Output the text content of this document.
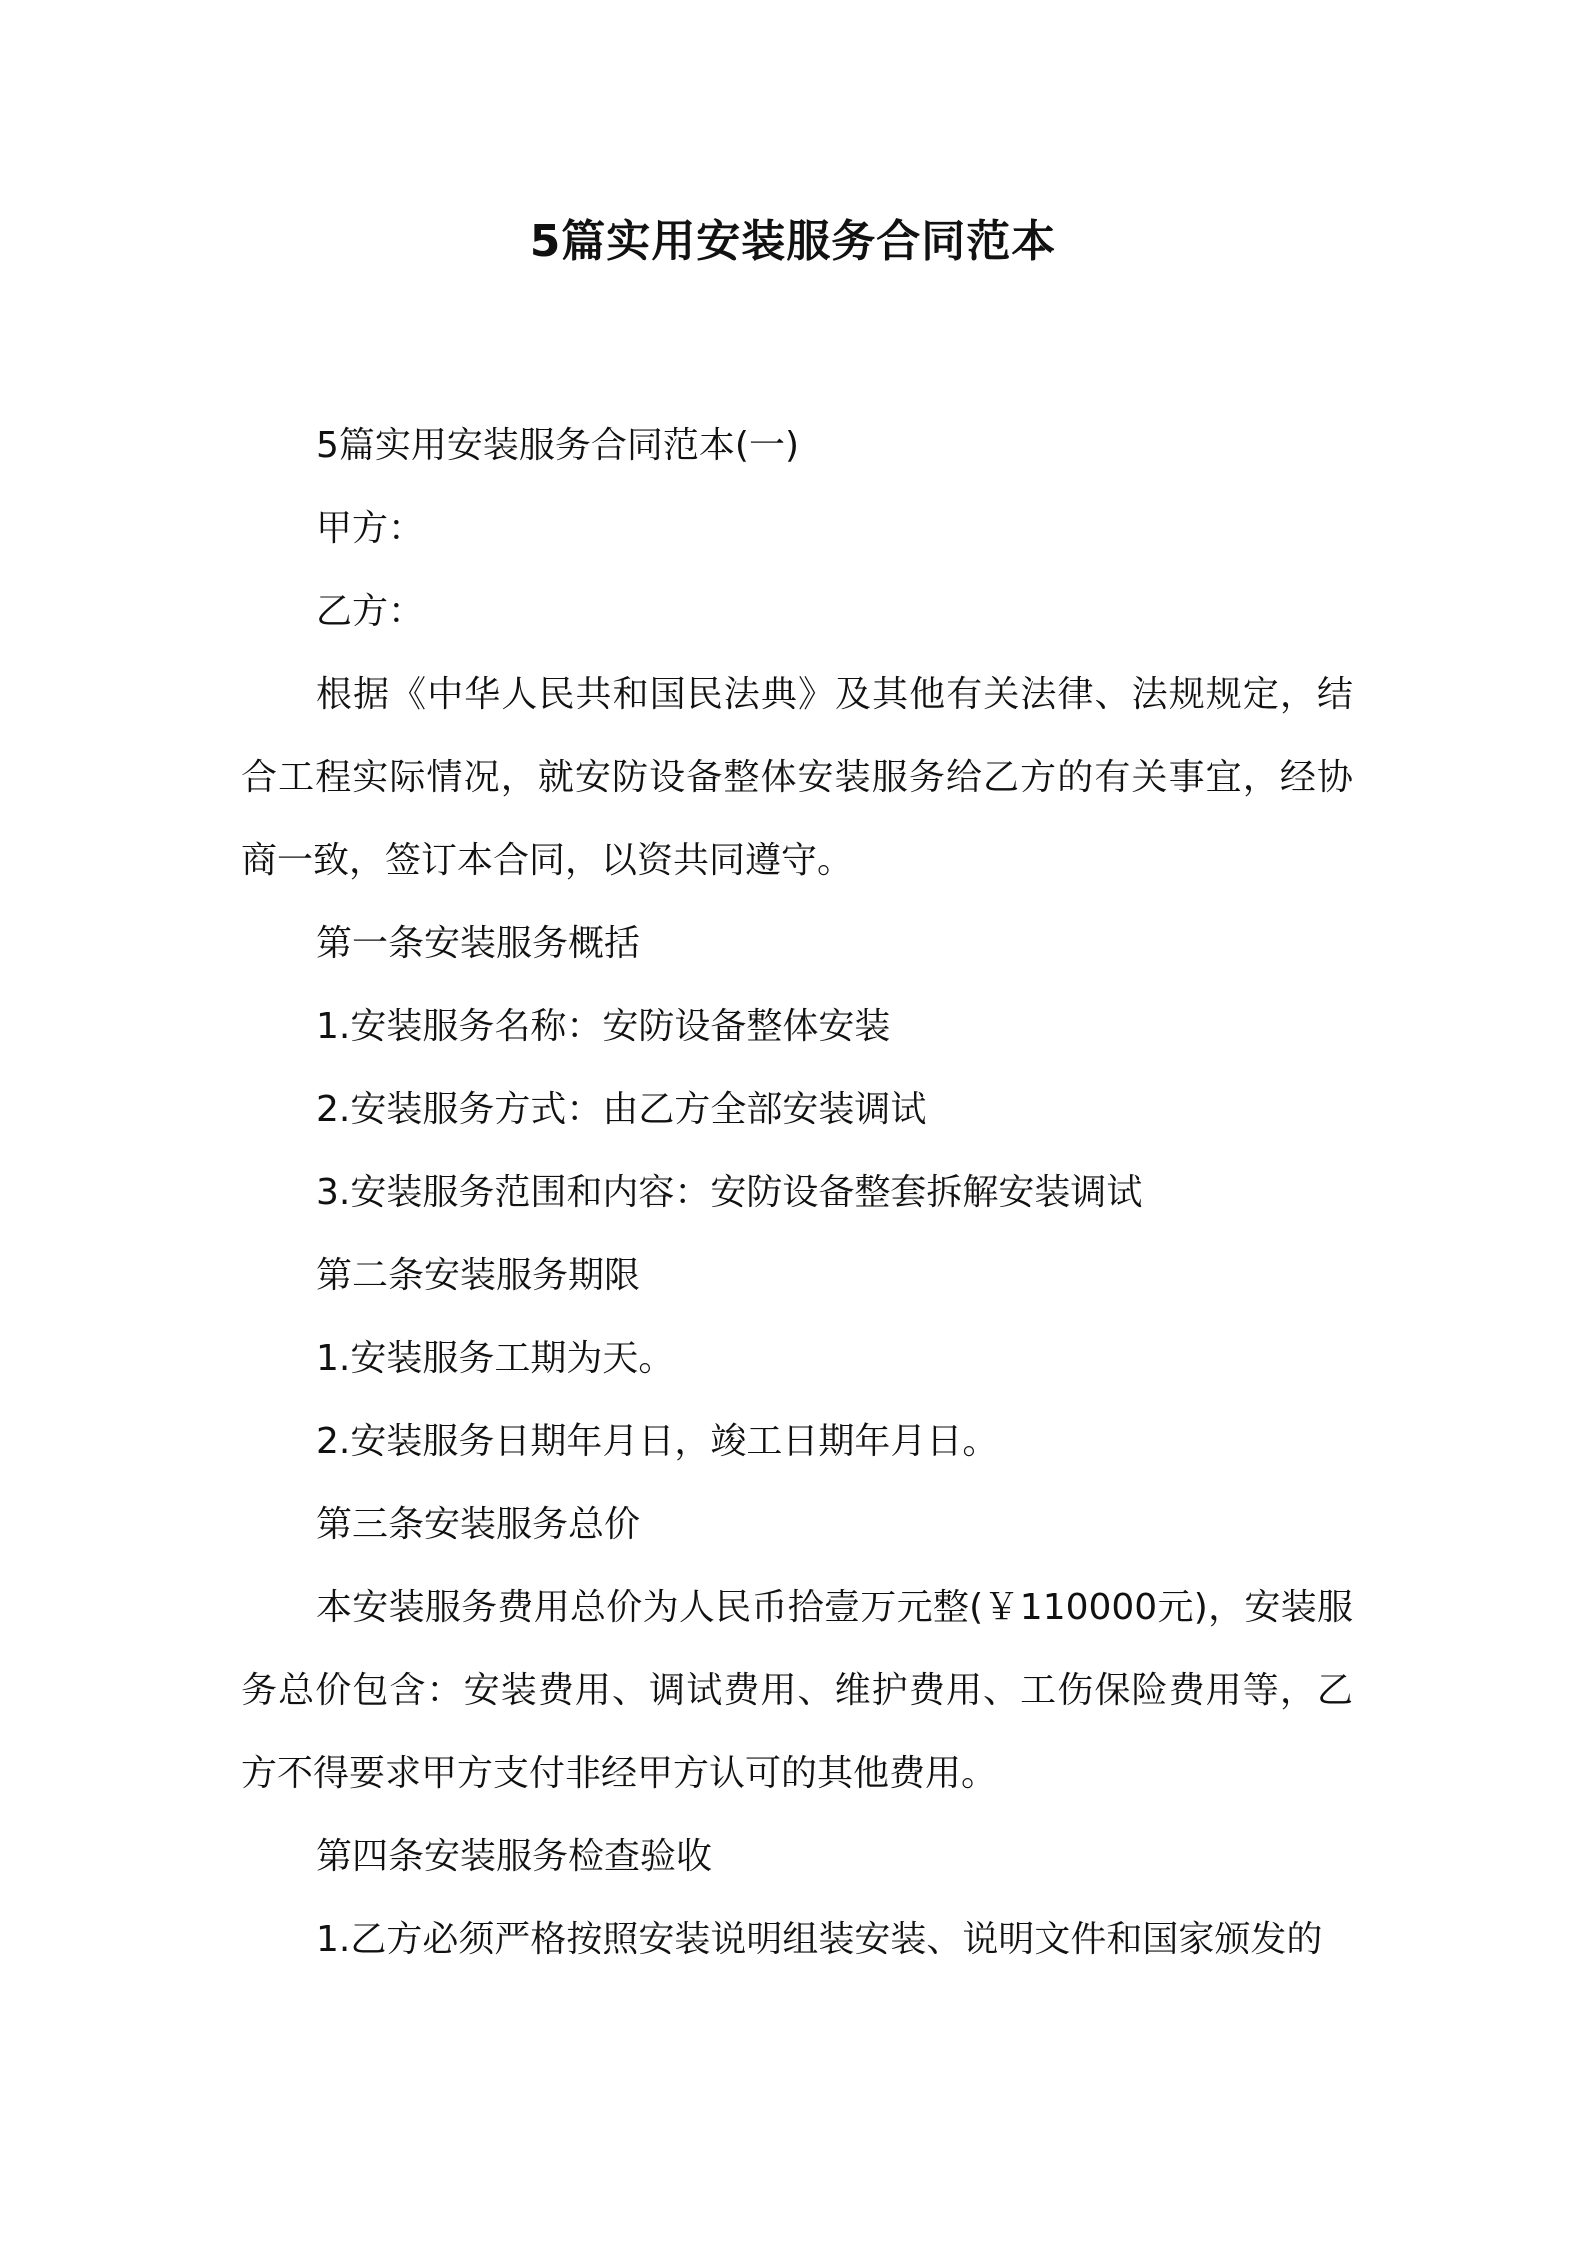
5篇实用安装服务合同范本

5篇实用安装服务合同范本(一)

甲方：

乙方：

根据《中华人民共和国民法典》及其他有关法律、法规规定，结合工程实际情况，就安防设备整体安装服务给乙方的有关事宜，经协商一致，签订本合同，以资共同遵守。

第一条安装服务概括

1.安装服务名称：安防设备整体安装

2.安装服务方式：由乙方全部安装调试

3.安装服务范围和内容：安防设备整套拆解安装调试

第二条安装服务期限

1.安装服务工期为天。

2.安装服务日期年月日，竣工日期年月日。

第三条安装服务总价

本安装服务费用总价为人民币拾壹万元整(￥110000元)，安装服务总价包含：安装费用、调试费用、维护费用、工伤保险费用等，乙方不得要求甲方支付非经甲方认可的其他费用。

第四条安装服务检查验收

1.乙方必须严格按照安装说明组装安装、说明文件和国家颁发的
